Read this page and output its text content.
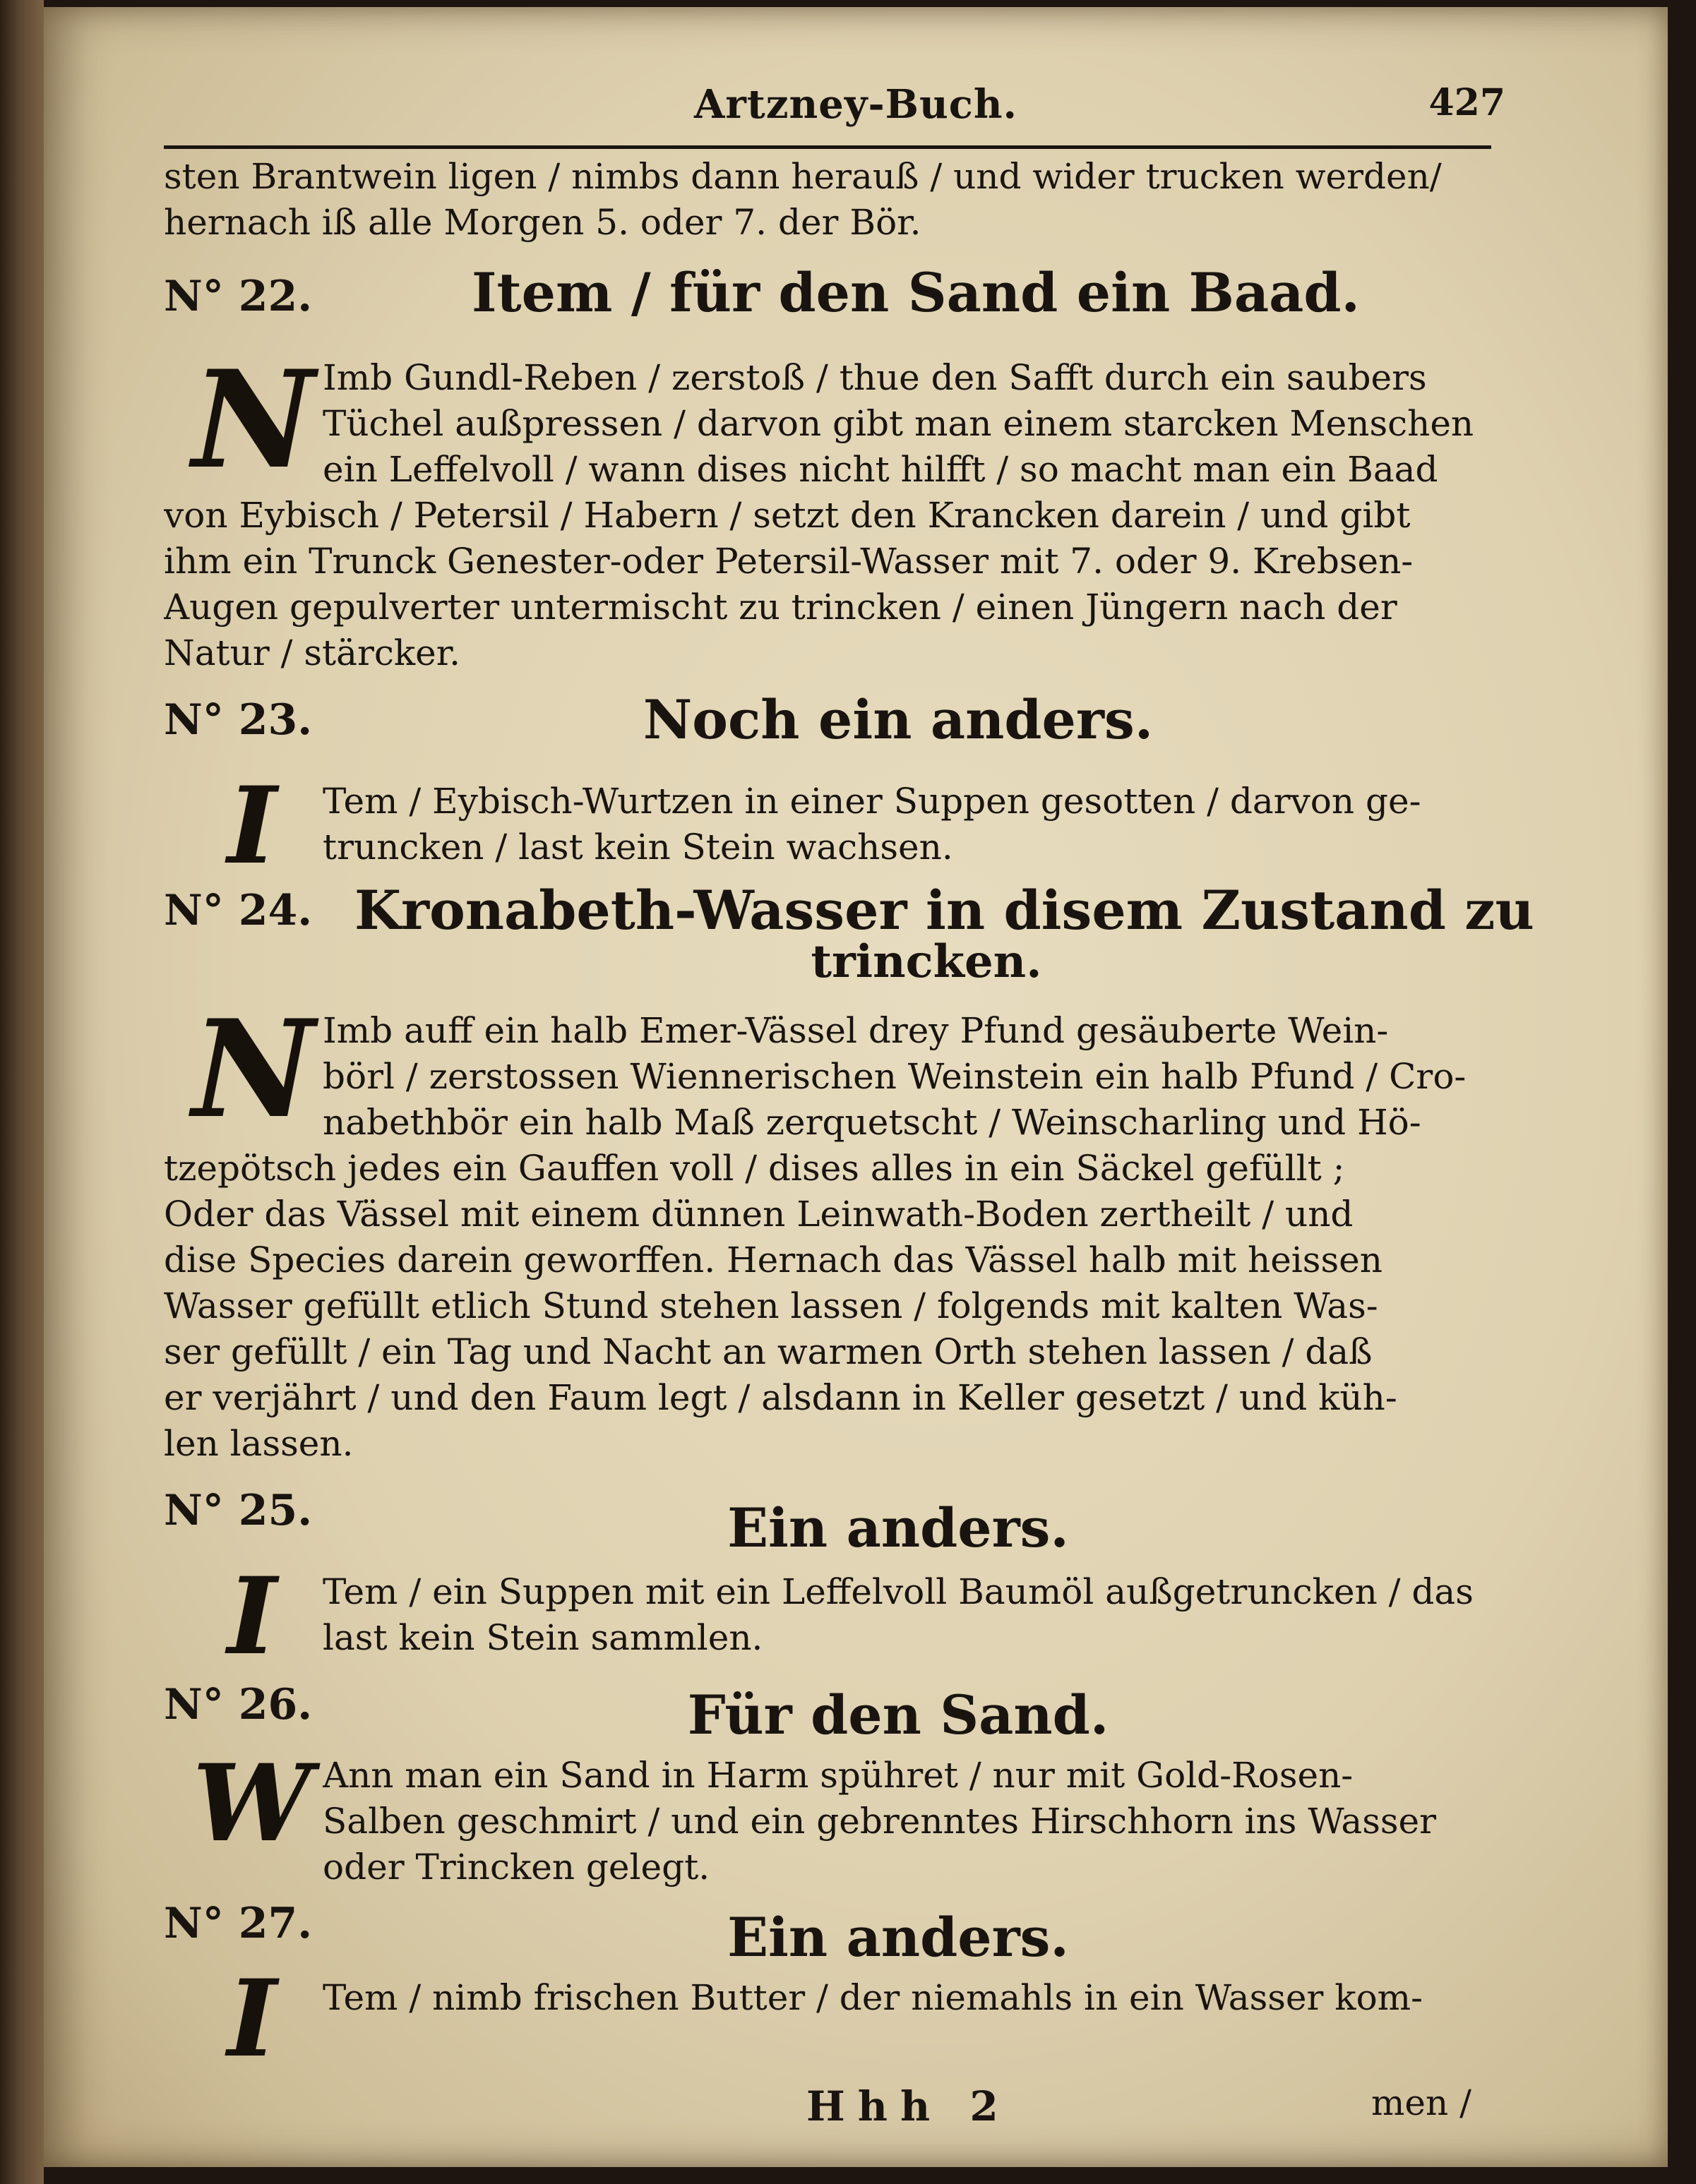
Artzney-Buch.	427
sten Brantwein ligen / nimbs dann herauß / und wider trucken werden/
hernach iß alle Morgen 5. oder 7. der Bör.
N° 22.	Item / für den Sand ein Baad.
N Imb Gundl-Reben / zerstoß / thue den Safft durch ein saubers
Tüchel außpressen / darvon gibt man einem starcken Menschen
ein Leffelvoll / wann dises nicht hilfft / so macht man ein Baad
von Eybisch / Petersil / Habern / setzt den Krancken darein / und gibt
ihm ein Trunck Genester-oder Petersil-Wasser mit 7. oder 9. Krebsen-
Augen gepulverter untermischt zu trincken / einen Jüngern nach der
Natur / stärcker.
N° 23.	Noch ein anders.
I	Tem / Eybisch-Wurtzen in einer Suppen gesotten / darvon ge-
truncken / last kein Stein wachsen.
N° 24. Kronabeth-Wasser in disem Zustand zu
trincken.
N Imb auff ein halb Emer-Vässel drey Pfund gesäuberte Wein-
börl / zerstossen Wiennerischen Weinstein ein halb Pfund / Cro-
nabethbör ein halb Maß zerquetscht / Weinscharling und Hö-
tzepötsch jedes ein Gauffen voll / dises alles in ein Säckel gefüllt ;
Oder das Vässel mit einem dünnen Leinwath-Boden zertheilt / und
dise Species darein geworffen. Hernach das Vässel halb mit heissen
Wasser gefüllt etlich Stund stehen lassen / folgends mit kalten Was-
ser gefüllt / ein Tag und Nacht an warmen Orth stehen lassen / daß
er verjährt / und den Faum legt / alsdann in Keller gesetzt / und küh-
len lassen.
N° 25.	Ein anders.
I	Tem / ein Suppen mit ein Leffelvoll Baumöl außgetruncken / das
last kein Stein sammlen.
N° 26.	Für den Sand.
W Ann man ein Sand in Harm spühret / nur mit Gold-Rosen-
Salben geschmirt / und ein gebrenntes Hirschhorn ins Wasser
oder Trincken gelegt.
N° 27.	Ein anders.
I	Tem / nimb frischen Butter / der niemahls in ein Wasser kom-
Hhh 2	men /
